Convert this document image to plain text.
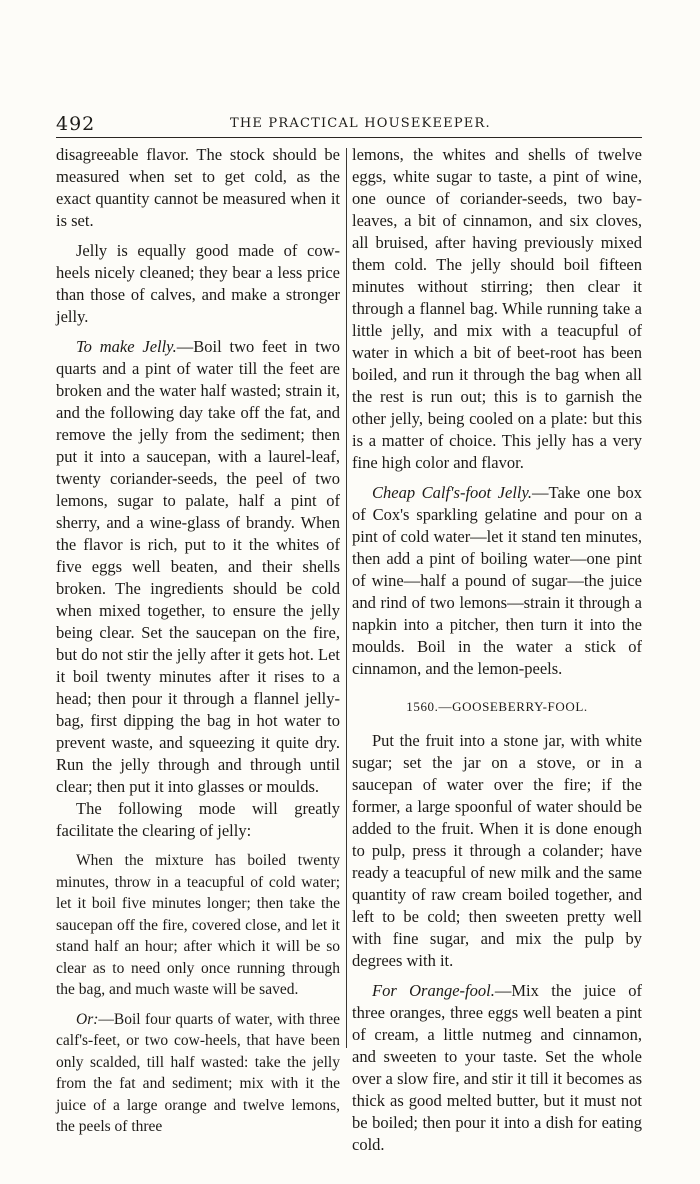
492	THE PRACTICAL HOUSEKEEPER.

disagreeable flavor. The stock should be measured when set to get cold, as the exact quantity cannot be measured when it is set.

Jelly is equally good made of cow-heels nicely cleaned; they bear a less price than those of calves, and make a stronger jelly.

To make Jelly.—Boil two feet in two quarts and a pint of water till the feet are broken and the water half wasted; strain it, and the following day take off the fat, and remove the jelly from the sediment; then put it into a saucepan, with a laurel-leaf, twenty coriander-seeds, the peel of two lemons, sugar to palate, half a pint of sherry, and a wine-glass of brandy. When the flavor is rich, put to it the whites of five eggs well beaten, and their shells broken. The ingredients should be cold when mixed together, to ensure the jelly being clear. Set the saucepan on the fire, but do not stir the jelly after it gets hot. Let it boil twenty minutes after it rises to a head; then pour it through a flannel jelly-bag, first dipping the bag in hot water to prevent waste, and squeezing it quite dry. Run the jelly through and through until clear; then put it into glasses or moulds.

The following mode will greatly facilitate the clearing of jelly:

When the mixture has boiled twenty minutes, throw in a teacupful of cold water; let it boil five minutes longer; then take the saucepan off the fire, covered close, and let it stand half an hour; after which it will be so clear as to need only once running through the bag, and much waste will be saved.

Or:—Boil four quarts of water, with three calf's-feet, or two cow-heels, that have been only scalded, till half wasted: take the jelly from the fat and sediment; mix with it the juice of a large orange and twelve lemons, the peels of three

lemons, the whites and shells of twelve eggs, white sugar to taste, a pint of wine, one ounce of coriander-seeds, two bay-leaves, a bit of cinnamon, and six cloves, all bruised, after having previously mixed them cold. The jelly should boil fifteen minutes without stirring; then clear it through a flannel bag. While running take a little jelly, and mix with a teacupful of water in which a bit of beet-root has been boiled, and run it through the bag when all the rest is run out; this is to garnish the other jelly, being cooled on a plate: but this is a matter of choice. This jelly has a very fine high color and flavor.

Cheap Calf's-foot Jelly.—Take one box of Cox's sparkling gelatine and pour on a pint of cold water—let it stand ten minutes, then add a pint of boiling water—one pint of wine—half a pound of sugar—the juice and rind of two lemons—strain it through a napkin into a pitcher, then turn it into the moulds. Boil in the water a stick of cinnamon, and the lemon-peels.

1560.—GOOSEBERRY-FOOL.

Put the fruit into a stone jar, with white sugar; set the jar on a stove, or in a saucepan of water over the fire; if the former, a large spoonful of water should be added to the fruit. When it is done enough to pulp, press it through a colander; have ready a teacupful of new milk and the same quantity of raw cream boiled together, and left to be cold; then sweeten pretty well with fine sugar, and mix the pulp by degrees with it.

For Orange-fool.—Mix the juice of three oranges, three eggs well beaten a pint of cream, a little nutmeg and cinnamon, and sweeten to your taste. Set the whole over a slow fire, and stir it till it becomes as thick as good melted butter, but it must not be boiled; then pour it into a dish for eating cold.
